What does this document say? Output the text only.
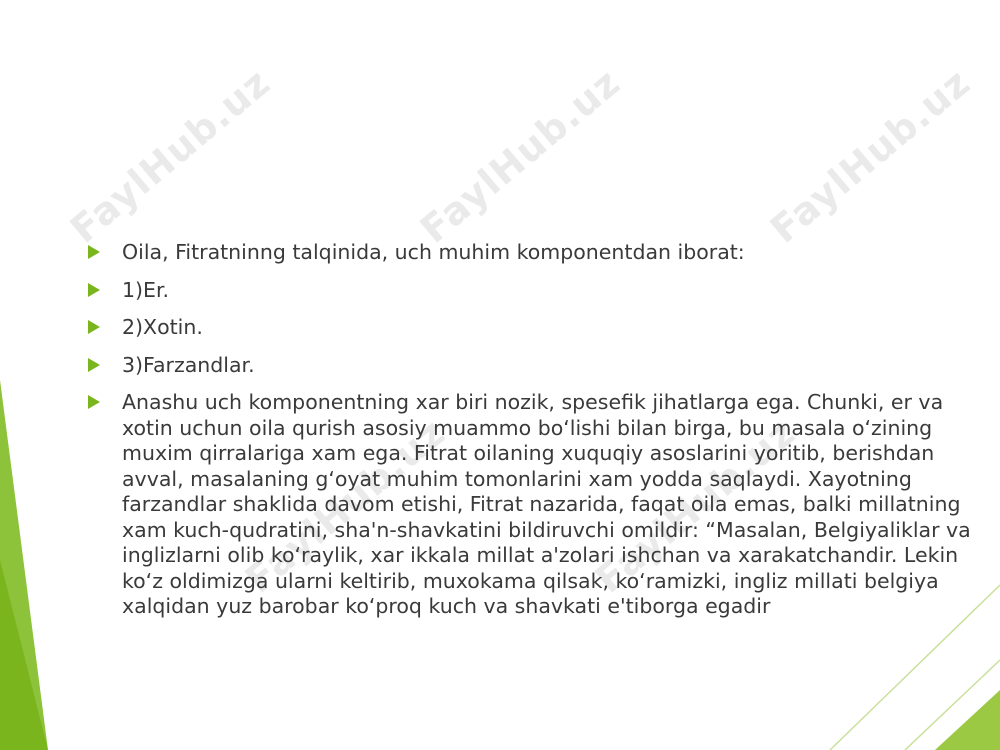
FaylHub.uz	FaylHub.uz	FaylHub.uz
FaylHub.uz	FaylHub.uz
Oila, Fitratninng talqinida, uch muhim komponentdan iborat:
1)Er.
2)Xotin.
3)Farzandlar.
Anashu uch komponentning xar biri nozik, spesefik jihatlarga ega. Chunki, er va xotin uchun oila qurish asosiy muammo bo‘lishi bilan birga, bu masala o‘zining muxim qirralariga xam ega. Fitrat oilaning xuquqiy asoslarini yoritib, berishdan avval, masalaning g‘oyat muhim tomonlarini xam yodda saqlaydi. Xayotning farzandlar shaklida davom etishi, Fitrat nazarida, faqat oila emas, balki millatning xam kuch-qudratini, sha'n-shavkatini bildiruvchi omildir: “Masalan, Belgiyaliklar va inglizlarni olib ko‘raylik, xar ikkala millat a'zolari ishchan va xarakatchandir. Lekin ko‘z oldimizga ularni keltirib, muxokama qilsak, ko‘ramizki, ingliz millati belgiya xalqidan yuz barobar ko‘proq kuch va shavkati e'tiborga egadir
